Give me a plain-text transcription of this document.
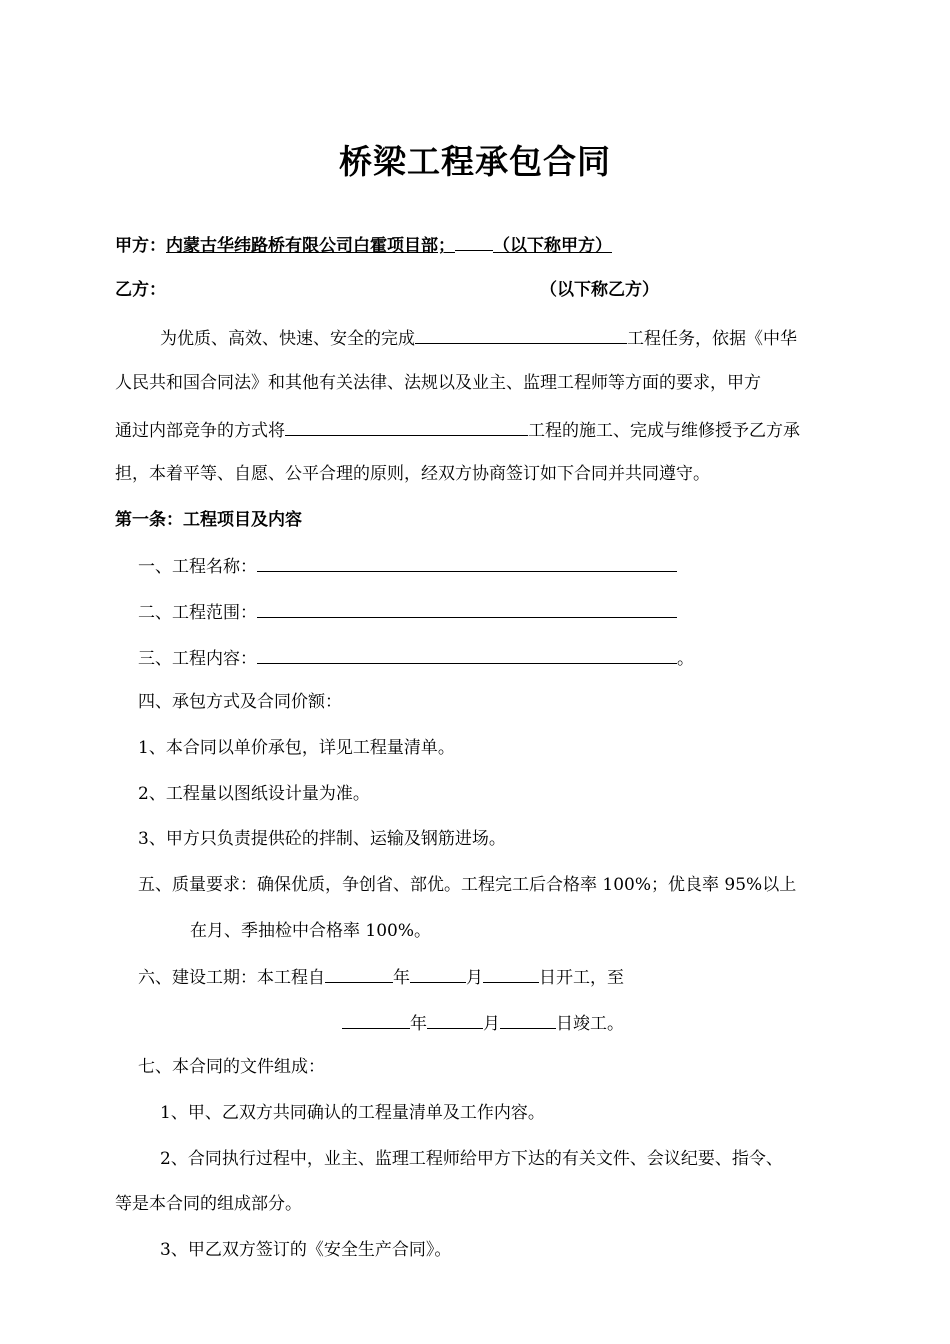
桥梁工程承包合同
甲方：内蒙古华纬路桥有限公司白霍项目部； （以下称甲方）
乙方：	（以下称乙方）
为优质、高效、快速、安全的完成	工程任务，依据《中华
人民共和国合同法》和其他有关法律、法规以及业主、监理工程师等方面的要求，甲方
通过内部竞争的方式将	工程的施工、完成与维修授予乙方承
担，本着平等、自愿、公平合理的原则，经双方协商签订如下合同并共同遵守。
第一条：工程项目及内容
一、工程名称：
二、工程范围：
三、工程内容：	。
四、承包方式及合同价额：
1、本合同以单价承包，详见工程量清单。
2、工程量以图纸设计量为准。
3、甲方只负责提供砼的拌制、运输及钢筋进场。
五、质量要求：确保优质，争创省、部优。工程完工后合格率 100%；优良率 95%以上
在月、季抽检中合格率 100%。
六、建设工期：本工程自	年	月	日开工，至
年	月	日竣工。
七、本合同的文件组成：
1、甲、乙双方共同确认的工程量清单及工作内容。
2、合同执行过程中，业主、监理工程师给甲方下达的有关文件、会议纪要、指令、
等是本合同的组成部分。
3、甲乙双方签订的《安全生产合同》。
